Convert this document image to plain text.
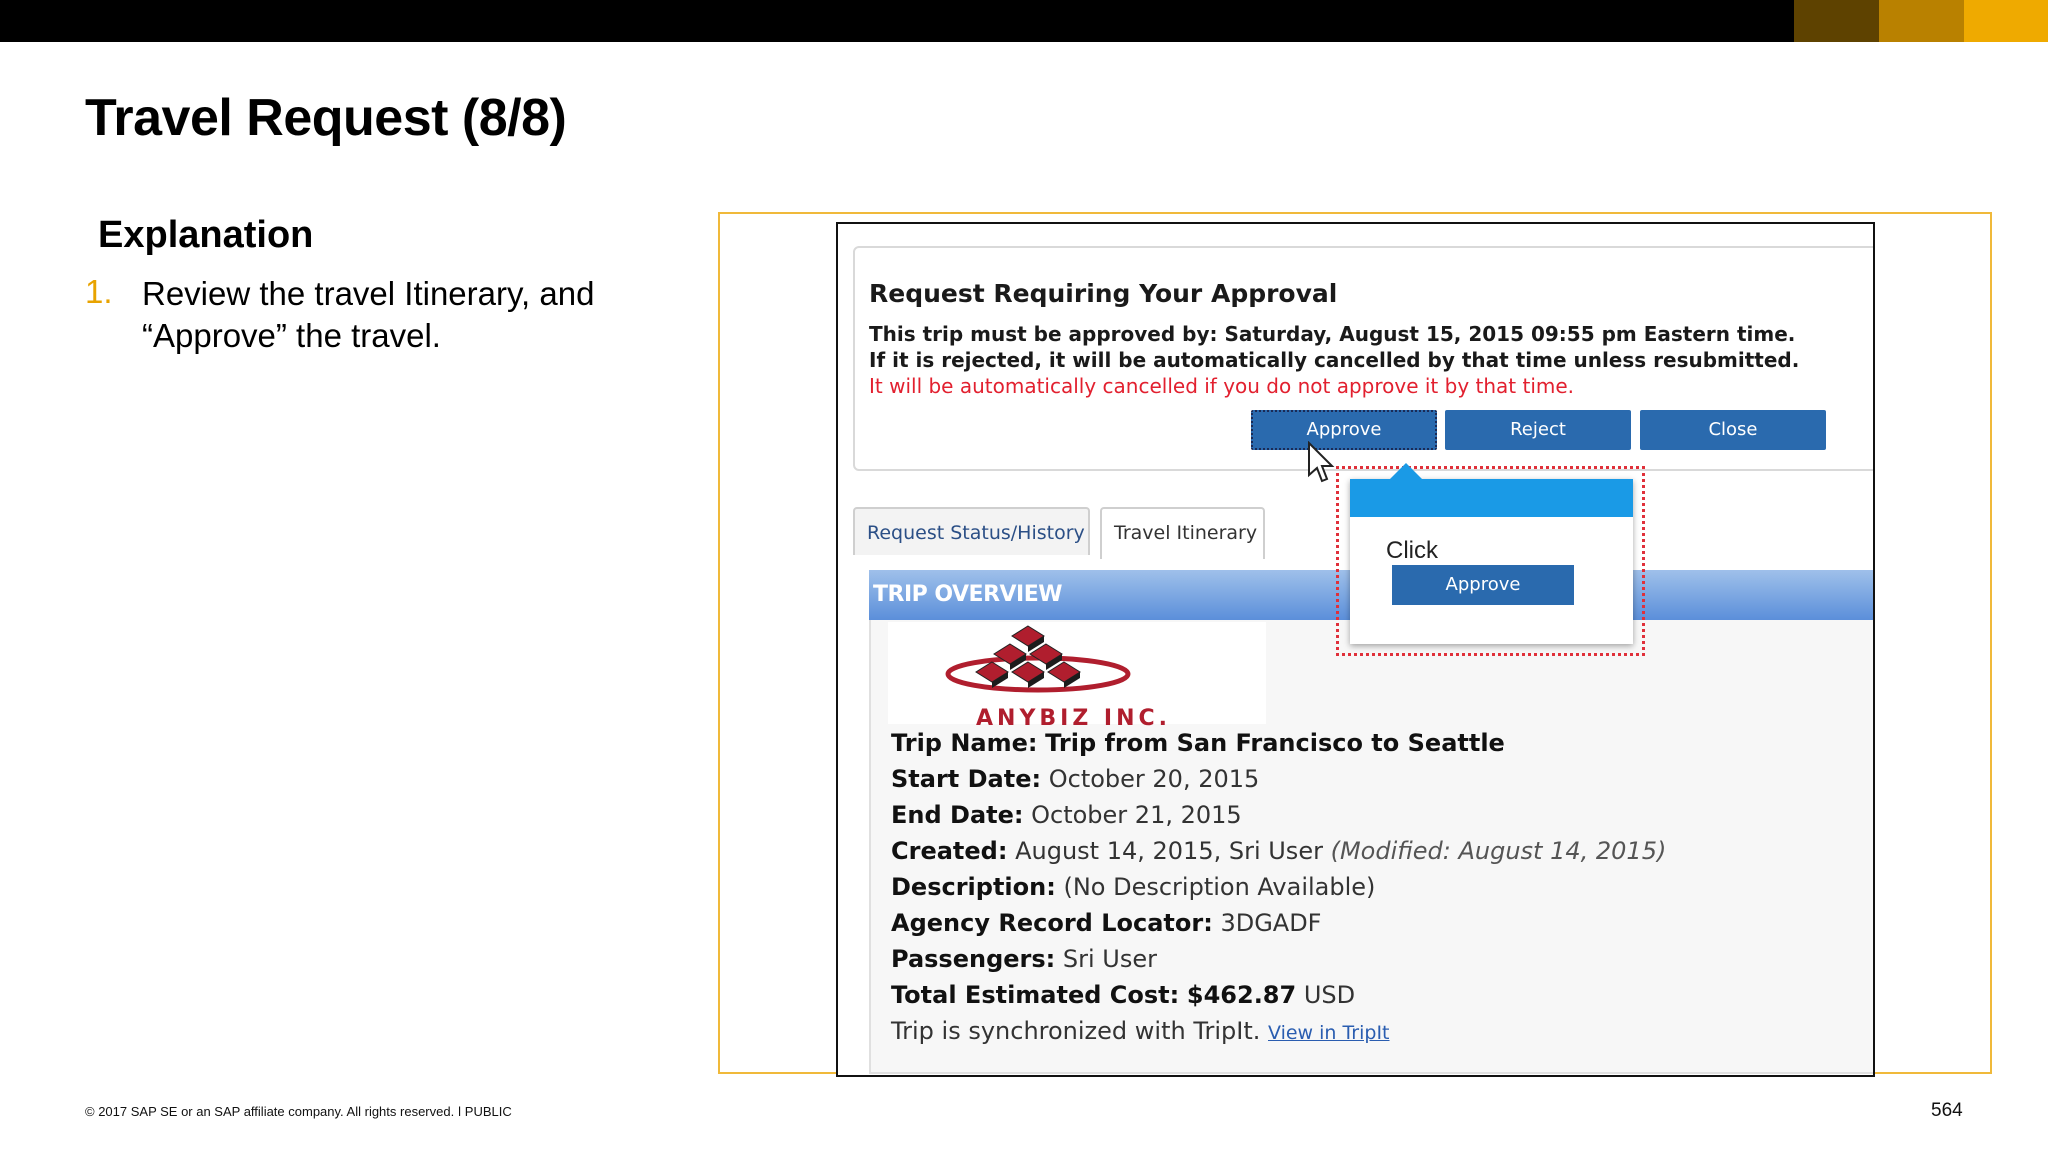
Travel Request (8/8)
Explanation
1. Review the travel Itinerary, and “Approve” the travel.
Request Requiring Your Approval
This trip must be approved by: Saturday, August 15, 2015 09:55 pm Eastern time.
If it is rejected, it will be automatically cancelled by that time unless resubmitted.
It will be automatically cancelled if you do not approve it by that time.
Approve	Reject	Close
Request Status/History	Travel Itinerary
TRIP OVERVIEW
ANYBIZ INC.
Trip Name: Trip from San Francisco to Seattle
Start Date: October 20, 2015
End Date: October 21, 2015
Created: August 14, 2015, Sri User (Modified: August 14, 2015)
Description: (No Description Available)
Agency Record Locator: 3DGADF
Passengers: Sri User
Total Estimated Cost: $462.87 USD
Trip is synchronized with TripIt. View in TripIt
Click
Approve
© 2017 SAP SE or an SAP affiliate company. All rights reserved. ǀ PUBLIC	564
